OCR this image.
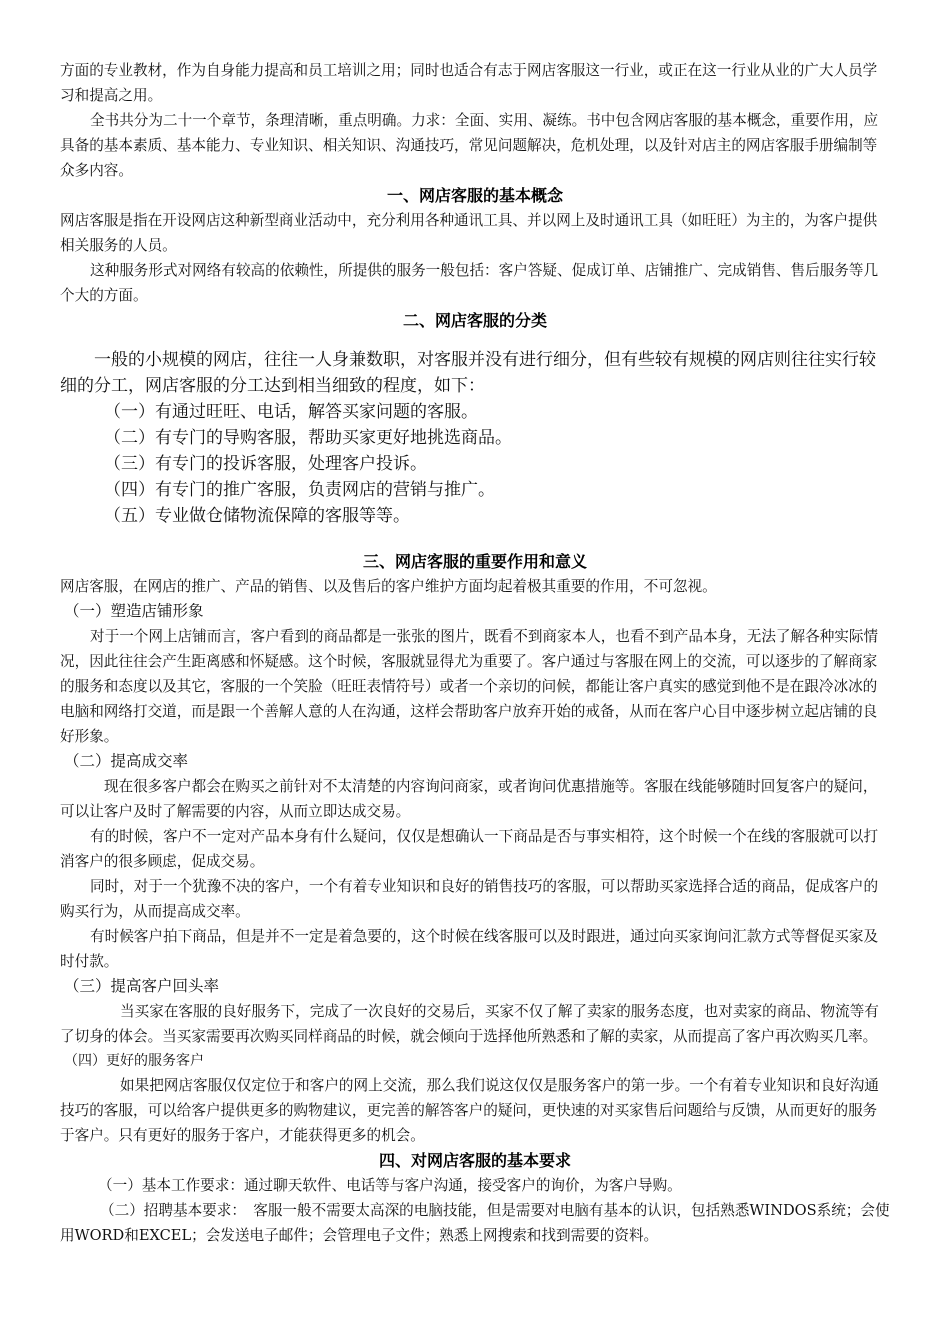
方面的专业教材，作为自身能力提高和员工培训之用；同时也适合有志于网店客服这一行业，或正在这一行业从业的广大人员学习和提高之用。

全书共分为二十一个章节，条理清晰，重点明确。力求：全面、实用、凝练。书中包含网店客服的基本概念，重要作用，应具备的基本素质、基本能力、专业知识、相关知识、沟通技巧，常见问题解决，危机处理，以及针对店主的网店客服手册编制等众多内容。

一、网店客服的基本概念

网店客服是指在开设网店这种新型商业活动中，充分利用各种通讯工具、并以网上及时通讯工具（如旺旺）为主的，为客户提供相关服务的人员。

这种服务形式对网络有较高的依赖性，所提供的服务一般包括：客户答疑、促成订单、店铺推广、完成销售、售后服务等几个大的方面。

二、网店客服的分类

一般的小规模的网店，往往一人身兼数职，对客服并没有进行细分，但有些较有规模的网店则往往实行较细的分工，网店客服的分工达到相当细致的程度，如下：

（一）有通过旺旺、电话，解答买家问题的客服。

（二）有专门的导购客服，帮助买家更好地挑选商品。

（三）有专门的投诉客服，处理客户投诉。

（四）有专门的推广客服，负责网店的营销与推广。

（五）专业做仓储物流保障的客服等等。

三、网店客服的重要作用和意义

网店客服，在网店的推广、产品的销售、以及售后的客户维护方面均起着极其重要的作用，不可忽视。

（一）塑造店铺形象

对于一个网上店铺而言，客户看到的商品都是一张张的图片，既看不到商家本人，也看不到产品本身，无法了解各种实际情况，因此往往会产生距离感和怀疑感。这个时候，客服就显得尤为重要了。客户通过与客服在网上的交流，可以逐步的了解商家的服务和态度以及其它，客服的一个笑脸（旺旺表情符号）或者一个亲切的问候，都能让客户真实的感觉到他不是在跟冷冰冰的电脑和网络打交道，而是跟一个善解人意的人在沟通，这样会帮助客户放弃开始的戒备，从而在客户心目中逐步树立起店铺的良好形象。

（二）提高成交率

现在很多客户都会在购买之前针对不太清楚的内容询问商家，或者询问优惠措施等。客服在线能够随时回复客户的疑问，可以让客户及时了解需要的内容，从而立即达成交易。

有的时候，客户不一定对产品本身有什么疑问，仅仅是想确认一下商品是否与事实相符，这个时候一个在线的客服就可以打消客户的很多顾虑，促成交易。

同时，对于一个犹豫不决的客户，一个有着专业知识和良好的销售技巧的客服，可以帮助买家选择合适的商品，促成客户的购买行为，从而提高成交率。

有时候客户拍下商品，但是并不一定是着急要的，这个时候在线客服可以及时跟进，通过向买家询问汇款方式等督促买家及时付款。

（三）提高客户回头率

当买家在客服的良好服务下，完成了一次良好的交易后，买家不仅了解了卖家的服务态度，也对卖家的商品、物流等有了切身的体会。当买家需要再次购买同样商品的时候，就会倾向于选择他所熟悉和了解的卖家，从而提高了客户再次购买几率。

（四）更好的服务客户

如果把网店客服仅仅定位于和客户的网上交流，那么我们说这仅仅是服务客户的第一步。一个有着专业知识和良好沟通技巧的客服，可以给客户提供更多的购物建议，更完善的解答客户的疑问，更快速的对买家售后问题给与反馈，从而更好的服务于客户。只有更好的服务于客户，才能获得更多的机会。

四、对网店客服的基本要求

（一）基本工作要求：通过聊天软件、电话等与客户沟通，接受客户的询价，为客户导购。

（二）招聘基本要求：　客服一般不需要太高深的电脑技能，但是需要对电脑有基本的认识，包括熟悉WINDOS系统；会使用WORD和EXCEL；会发送电子邮件；会管理电子文件；熟悉上网搜索和找到需要的资料。
